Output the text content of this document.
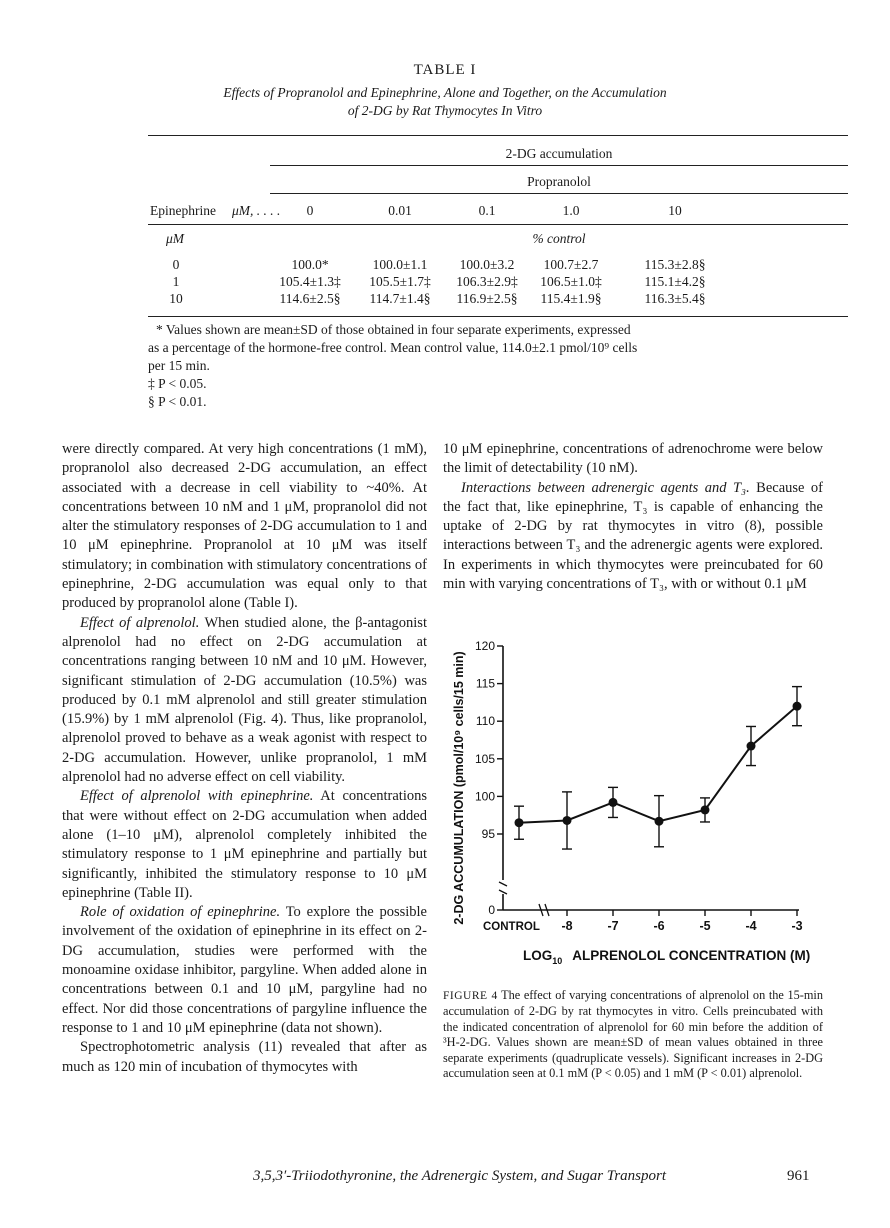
TABLE I
Effects of Propranolol and Epinephrine, Alone and Together, on the Accumulation
of 2-DG by Rat Thymocytes In Vitro
2-DG accumulation
Propranolol
Epinephrine μM, . . . .	0	0.01	0.1	1.0	10
μM	% control
0	100.0*	100.0±1.1	100.0±3.2	100.7±2.7	115.3±2.8§
1	105.4±1.3‡	105.5±1.7‡	106.3±2.9‡	106.5±1.0‡	115.1±4.2§
10	114.6±2.5§	114.7±1.4§	116.9±2.5§	115.4±1.9§	116.3±5.4§
* Values shown are mean±SD of those obtained in four separate experiments, expressed
as a percentage of the hormone-free control. Mean control value, 114.0±2.1 pmol/10⁹ cells
per 15 min.
‡ P < 0.05.
§ P < 0.01.

were directly compared. At very high concentrations (1 mM), propranolol also decreased 2-DG accumulation, an effect associated with a decrease in cell viability to ~40%. At concentrations between 10 nM and 1 μM, propranolol did not alter the stimulatory responses of 2-DG accumulation to 1 and 10 μM epinephrine. Propranolol at 10 μM was itself stimulatory; in combination with stimulatory concentrations of epinephrine, 2-DG accumulation was equal only to that produced by propranolol alone (Table I).

Effect of alprenolol. When studied alone, the β-antagonist alprenolol had no effect on 2-DG accumulation at concentrations ranging between 10 nM and 10 μM. However, significant stimulation of 2-DG accumulation (10.5%) was produced by 0.1 mM alprenolol and still greater stimulation (15.9%) by 1 mM alprenolol (Fig. 4). Thus, like propranolol, alprenolol proved to behave as a weak agonist with respect to 2-DG accumulation. However, unlike propranolol, 1 mM alprenolol had no adverse effect on cell viability.

Effect of alprenolol with epinephrine. At concentrations that were without effect on 2-DG accumulation when added alone (1–10 μM), alprenolol completely inhibited the stimulatory response to 1 μM epinephrine and partially but significantly, inhibited the stimulatory response to 10 μM epinephrine (Table II).

Role of oxidation of epinephrine. To explore the possible involvement of the oxidation of epinephrine in its effect on 2-DG accumulation, studies were performed with the monoamine oxidase inhibitor, pargyline. When added alone in concentrations between 0.1 and 10 μM, pargyline had no effect. Nor did those concentrations of pargyline influence the response to 1 and 10 μM epinephrine (data not shown).

Spectrophotometric analysis (11) revealed that after as much as 120 min of incubation of thymocytes with

10 μM epinephrine, concentrations of adrenochrome were below the limit of detectability (10 nM).

Interactions between adrenergic agents and T₃. Because of the fact that, like epinephrine, T₃ is capable of enhancing the uptake of 2-DG by rat thymocytes in vitro (8), possible interactions between T₃ and the adrenergic agents were explored. In experiments in which thymocytes were preincubated for 60 min with varying concentrations of T₃, with or without 0.1 μM

0
95
100
105
110
115
120
CONTROL -8	-7	-6	-5	-4	-3
$LOG_{10}$ ALPRENOLOL CONCENTRATION (M)
2-DG ACCUMULATION (pmol/10⁹ cells/15 min)
FIGURE 4 The effect of varying concentrations of alprenolol on the 15-min accumulation of 2-DG by rat thymocytes in vitro. Cells preincubated with the indicated concentration of alprenolol for 60 min before the addition of ³H-2-DG. Values shown are mean±SD of mean values obtained in three separate experiments (quadruplicate vessels). Significant increases in 2-DG accumulation seen at 0.1 mM (P < 0.05) and 1 mM (P < 0.01) alprenolol.
3,5,3′-Triiodothyronine, the Adrenergic System, and Sugar Transport	961
